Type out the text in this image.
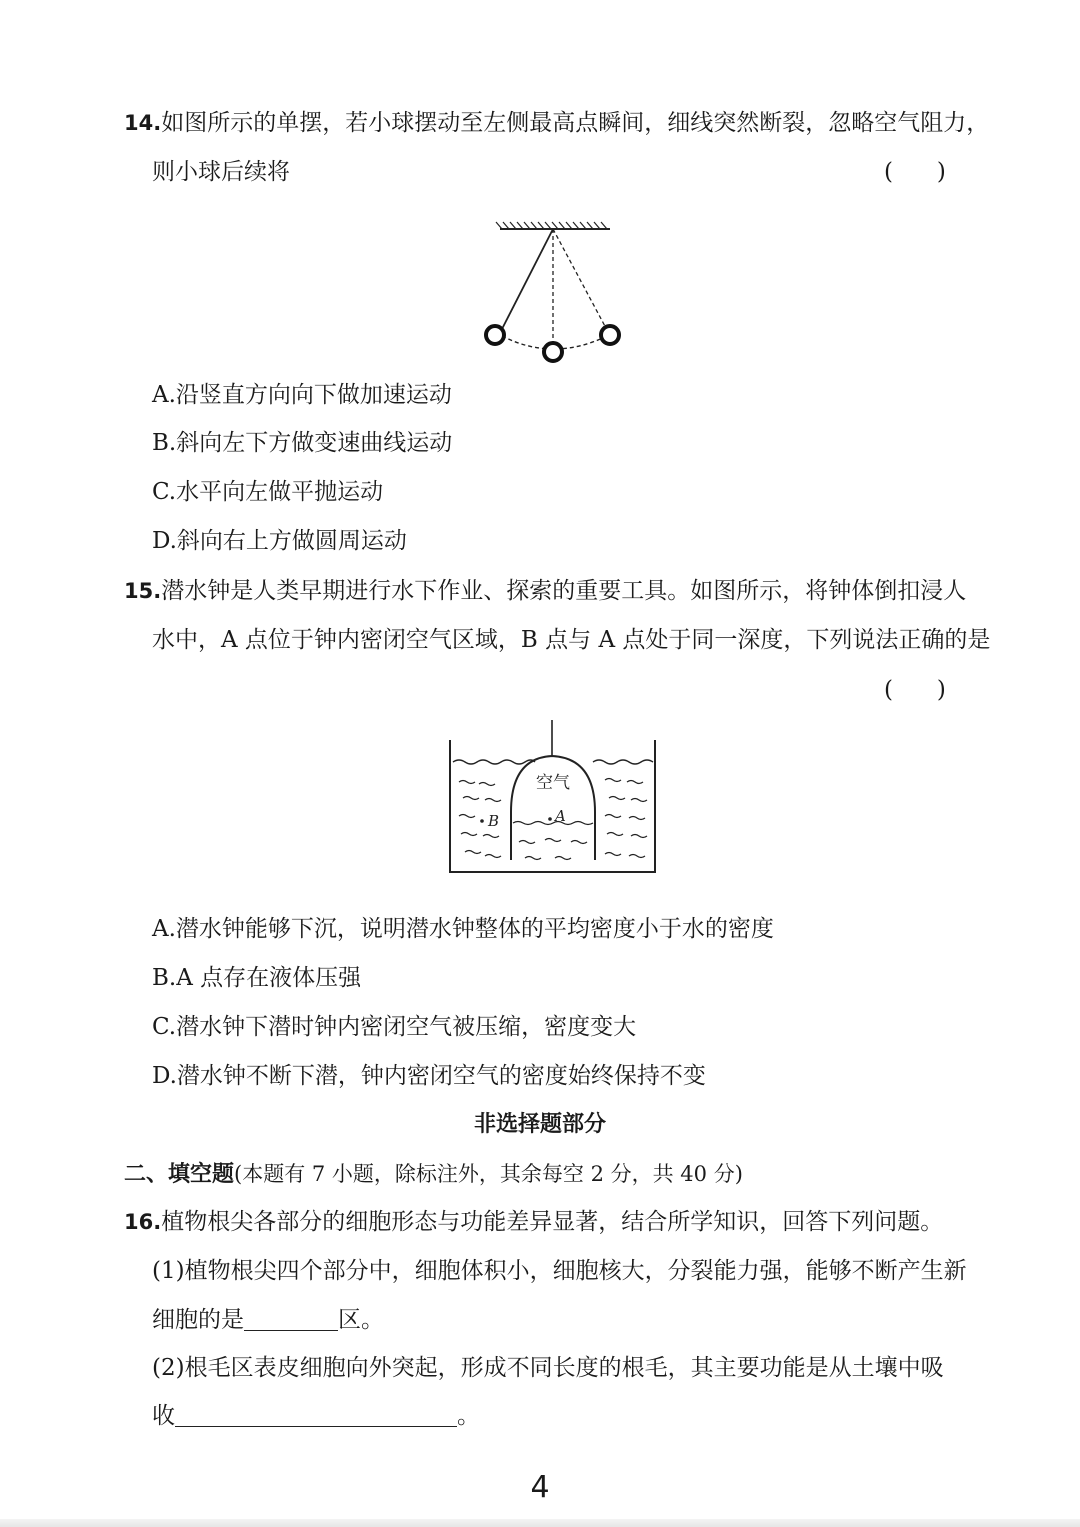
14.如图所示的单摆，若小球摆动至左侧最高点瞬间，细线突然断裂，忽略空气阻力，
则小球后续将	(      )
A.沿竖直方向向下做加速运动
B.斜向左下方做变速曲线运动
C.水平向左做平抛运动
D.斜向右上方做圆周运动
15.潜水钟是人类早期进行水下作业、探索的重要工具。如图所示，将钟体倒扣浸人
水中，A 点位于钟内密闭空气区域，B 点与 A 点处于同一深度，下列说法正确的是
(      )
空气
A
B
A.潜水钟能够下沉，说明潜水钟整体的平均密度小于水的密度
B.A 点存在液体压强
C.潜水钟下潜时钟内密闭空气被压缩，密度变大
D.潜水钟不断下潜，钟内密闭空气的密度始终保持不变
非选择题部分
二、填空题(本题有 7 小题，除标注外，其余每空 2 分，共 40 分)
16.植物根尖各部分的细胞形态与功能差异显著，结合所学知识，回答下列问题。
(1)植物根尖四个部分中，细胞体积小，细胞核大，分裂能力强，能够不断产生新
细胞的是	区。
(2)根毛区表皮细胞向外突起，形成不同长度的根毛，其主要功能是从土壤中吸
收	。
4
